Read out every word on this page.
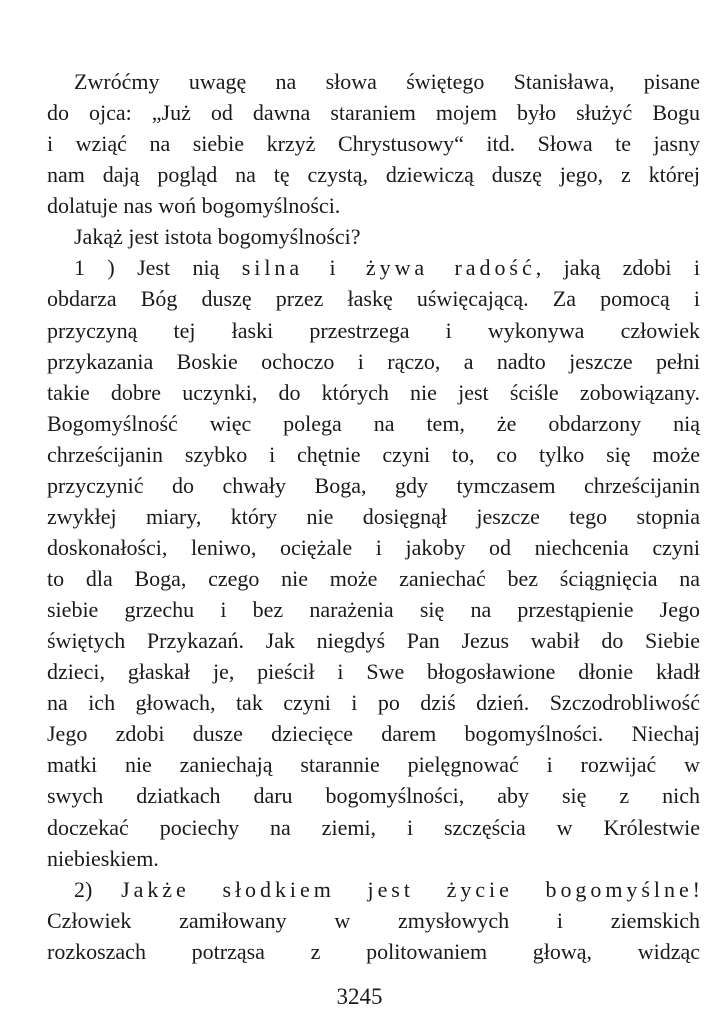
Zwróćmy uwagę na słowa świętego Stanisława, pisane
do ojca: „Już od dawna staraniem mojem było służyć Bogu
i wziąć na siebie krzyż Chrystusowy“ itd. Słowa te jasny
nam dają pogląd na tę czystą, dziewiczą duszę jego, z której
dolatuje nas woń bogomyślności.
Jakąż jest istota bogomyślności?
1 ) Jest nią silna i żywa radość, jaką zdobi i
obdarza Bóg duszę przez łaskę uświęcającą. Za pomocą i
przyczyną tej łaski przestrzega i wykonywa człowiek
przykazania Boskie ochoczo i rączo, a nadto jeszcze pełni
takie dobre uczynki, do których nie jest ściśle zobowiązany.
Bogomyślność więc polega na tem, że obdarzony nią
chrześcijanin szybko i chętnie czyni to, co tylko się może
przyczynić do chwały Boga, gdy tymczasem chrześcijanin
zwykłej miary, który nie dosięgnął jeszcze tego stopnia
doskonałości, leniwo, ociężale i jakoby od niechcenia czyni
to dla Boga, czego nie może zaniechać bez ściągnięcia na
siebie grzechu i bez narażenia się na przestąpienie Jego
świętych Przykazań. Jak niegdyś Pan Jezus wabił do Siebie
dzieci, głaskał je, pieścił i Swe błogosławione dłonie kładł
na ich głowach, tak czyni i po dziś dzień. Szczodrobliwość
Jego zdobi dusze dziecięce darem bogomyślności. Niechaj
matki nie zaniechają starannie pielęgnować i rozwijać w
swych dziatkach daru bogomyślności, aby się z nich
doczekać pociechy na ziemi, i szczęścia w Królestwie
niebieskiem.
2) Jakże słodkiem jest życie bogomyślne!
Człowiek zamiłowany w zmysłowych i ziemskich
rozkoszach potrząsa z politowaniem głową, widząc
3245
